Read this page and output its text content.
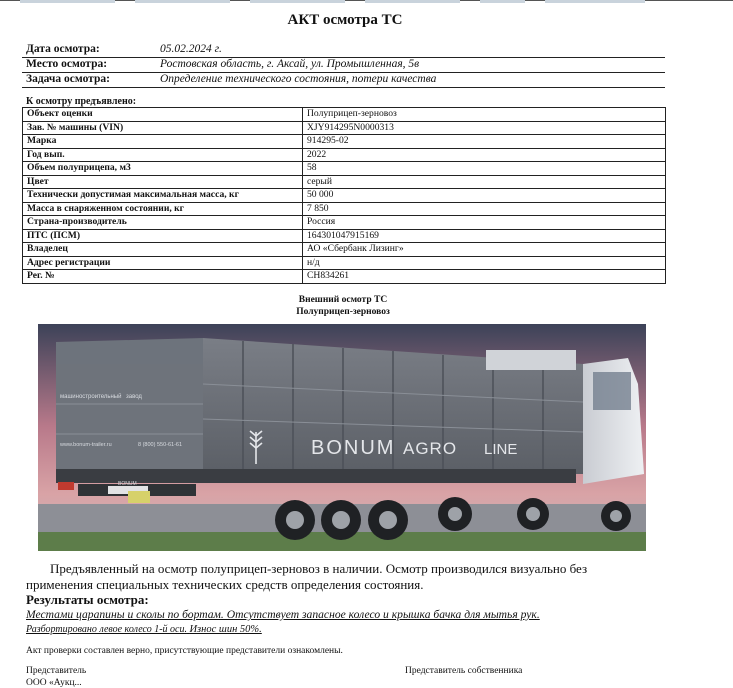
АКТ осмотра ТС
Дата осмотра:	05.02.2024 г.
Место осмотра:	Ростовская область, г. Аксай, ул. Промышленная, 5в
Задача осмотра:	Определение технического состояния, потери качества
К осмотру предъявлено:
Объект оценки	Полуприцеп-зерновоз
Зав. № машины (VIN)	XJY914295N0000313
Марка	914295-02
Год вып.	2022
Объем полуприцепа, м3	58
Цвет	серый
Технически допустимая максимальная масса, кг	50 000
Масса в снаряженном состоянии, кг	7 850
Страна-производитель	Россия
ПТС (ПСМ)	164301047915169
Владелец	АО «Сбербанк Лизинг»
Адрес регистрации	н/д
Рег. №	СН834261
Внешний осмотр ТС
Полуприцеп-зерновоз
машиностроительный завод
www.bonum-trailer.ru	8 (800) 550-61-61	BONUM AGRO LINE
BONUM
Предъявленный на осмотр полуприцеп-зерновоз в наличии. Осмотр производился визуально без применения специальных технических средств определения состояния.
Результаты осмотра:
Местами царапины и сколы по бортам. Отсутствует запасное колесо и крышка бачка для мытья рук.
Разбортировано левое колесо 1-й оси. Износ шин 50%.
Акт проверки составлен верно, присутствующие представители ознакомлены.
Представитель	Представитель собственника
ООО «Аукц...
